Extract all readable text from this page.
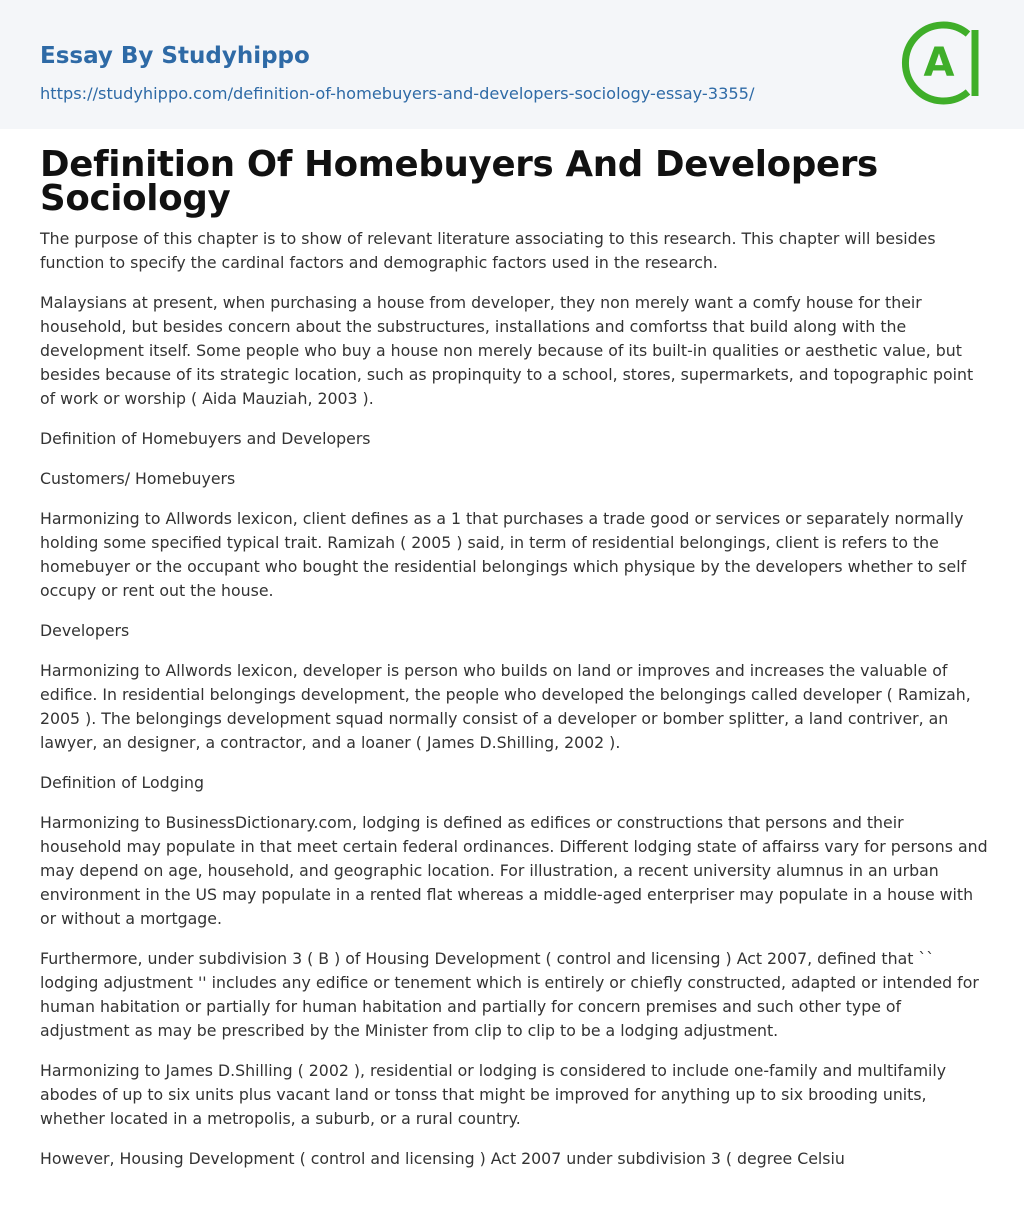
Essay By Studyhippo
https://studyhippo.com/definition-of-homebuyers-and-developers-sociology-essay-3355/
A
Definition Of Homebuyers And Developers Sociology

The purpose of this chapter is to show of relevant literature associating to this research. This chapter will besides function to specify the cardinal factors and demographic factors used in the research.

Malaysians at present, when purchasing a house from developer, they non merely want a comfy house for their household, but besides concern about the substructures, installations and comfortss that build along with the development itself. Some people who buy a house non merely because of its built-in qualities or aesthetic value, but besides because of its strategic location, such as propinquity to a school, stores, supermarkets, and topographic point of work or worship ( Aida Mauziah, 2003 ).

Definition of Homebuyers and Developers

Customers/ Homebuyers

Harmonizing to Allwords lexicon, client defines as a 1 that purchases a trade good or services or separately normally holding some specified typical trait. Ramizah ( 2005 ) said, in term of residential belongings, client is refers to the homebuyer or the occupant who bought the residential belongings which physique by the developers whether to self occupy or rent out the house.

Developers

Harmonizing to Allwords lexicon, developer is person who builds on land or improves and increases the valuable of edifice. In residential belongings development, the people who developed the belongings called developer ( Ramizah, 2005 ). The belongings development squad normally consist of a developer or bomber splitter, a land contriver, an lawyer, an designer, a contractor, and a loaner ( James D.Shilling, 2002 ).

Definition of Lodging

Harmonizing to BusinessDictionary.com, lodging is defined as edifices or constructions that persons and their household may populate in that meet certain federal ordinances. Different lodging state of affairss vary for persons and may depend on age, household, and geographic location. For illustration, a recent university alumnus in an urban environment in the US may populate in a rented flat whereas a middle-aged enterpriser may populate in a house with or without a mortgage.

Furthermore, under subdivision 3 ( B ) of Housing Development ( control and licensing ) Act 2007, defined that `` lodging adjustment '' includes any edifice or tenement which is entirely or chiefly constructed, adapted or intended for human habitation or partially for human habitation and partially for concern premises and such other type of adjustment as may be prescribed by the Minister from clip to clip to be a lodging adjustment.

Harmonizing to James D.Shilling ( 2002 ), residential or lodging is considered to include one-family and multifamily abodes of up to six units plus vacant land or tonss that might be improved for anything up to six brooding units, whether located in a metropolis, a suburb, or a rural country.

However, Housing Development ( control and licensing ) Act 2007 under subdivision 3 ( degree Celsiu
